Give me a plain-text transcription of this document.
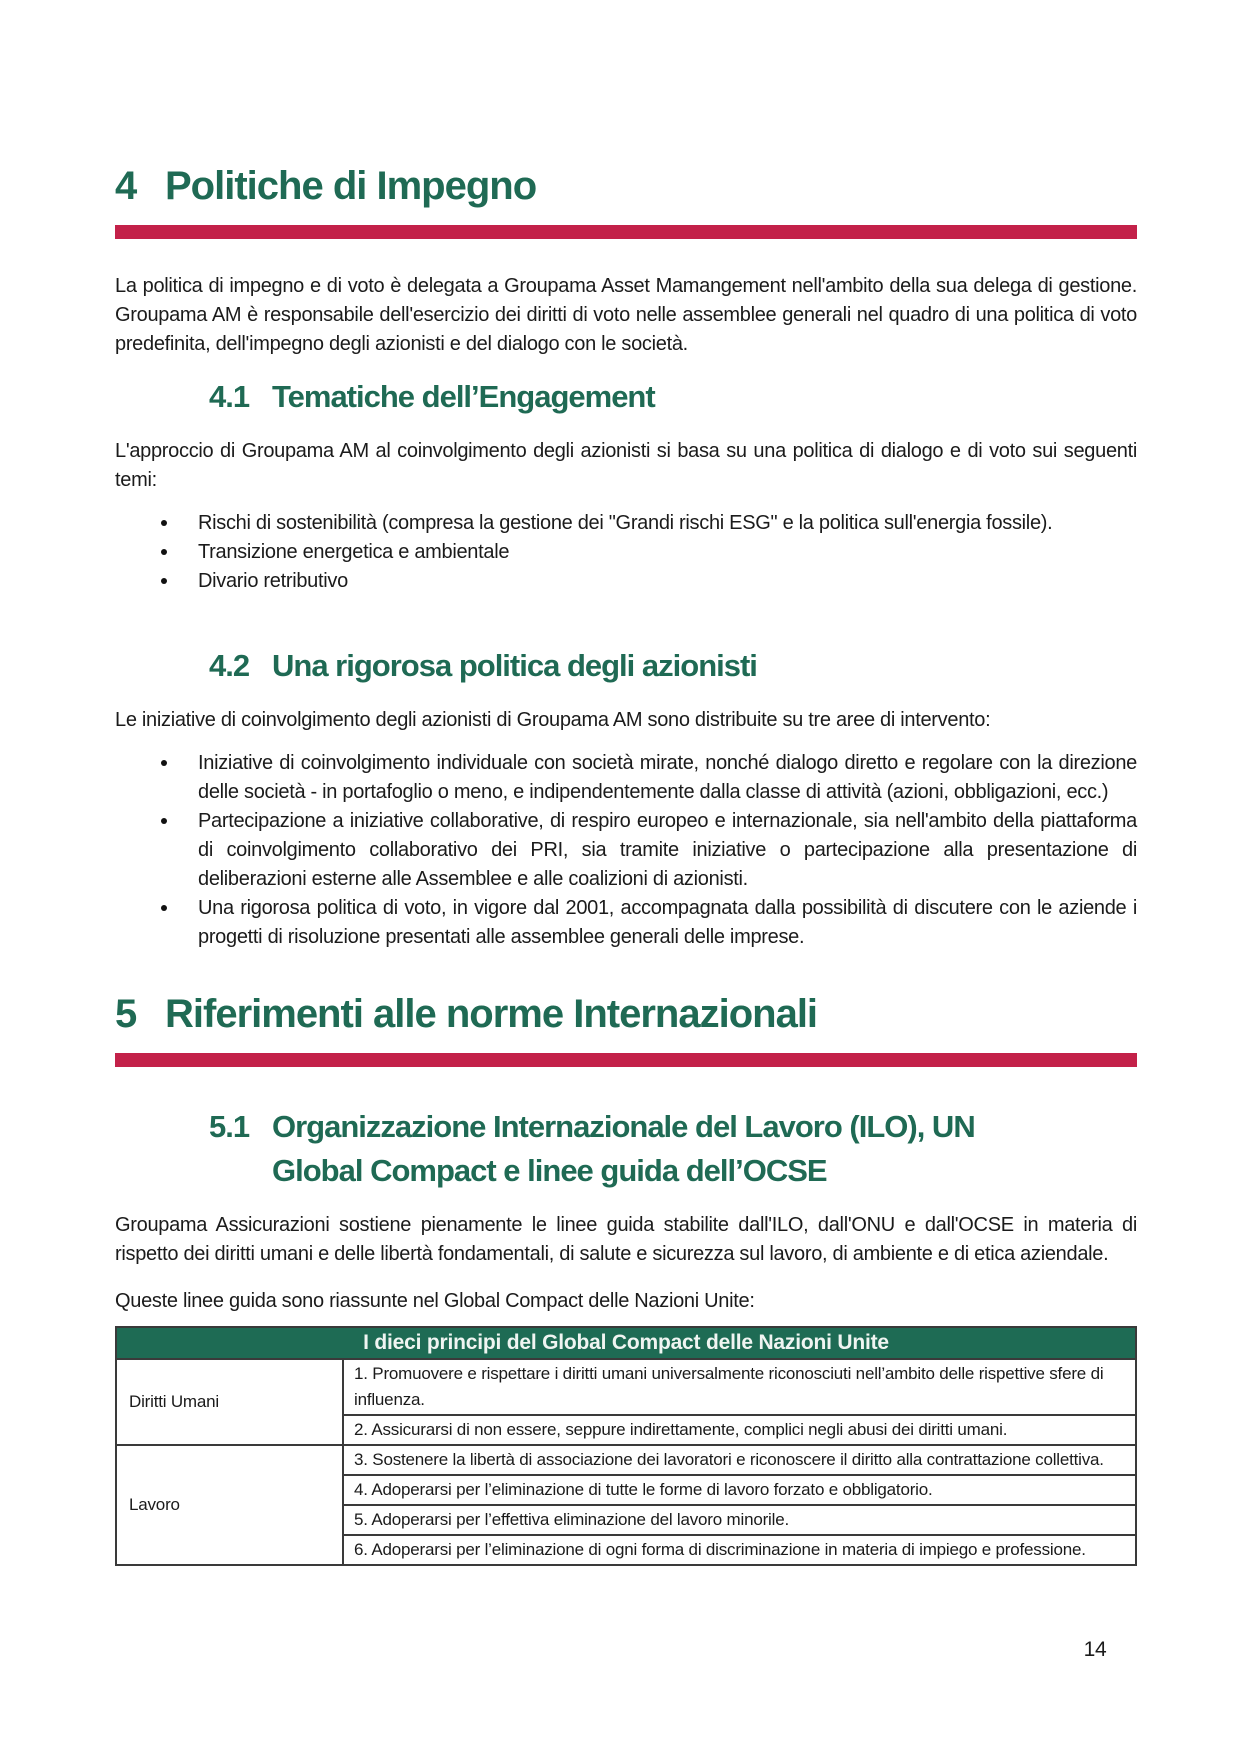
4 Politiche di Impegno

La politica di impegno e di voto è delegata a Groupama Asset Mamangement nell'ambito della sua delega di gestione. Groupama AM è responsabile dell'esercizio dei diritti di voto nelle assemblee generali nel quadro di una politica di voto predefinita, dell'impegno degli azionisti e del dialogo con le società.

4.1 Tematiche dell’Engagement

L'approccio di Groupama AM al coinvolgimento degli azionisti si basa su una politica di dialogo e di voto sui seguenti temi:

Rischi di sostenibilità (compresa la gestione dei "Grandi rischi ESG" e la politica sull'energia fossile).
Transizione energetica e ambientale
Divario retributivo
4.2 Una rigorosa politica degli azionisti

Le iniziative di coinvolgimento degli azionisti di Groupama AM sono distribuite su tre aree di intervento:

Iniziative di coinvolgimento individuale con società mirate, nonché dialogo diretto e regolare con la direzione delle società - in portafoglio o meno, e indipendentemente dalla classe di attività (azioni, obbligazioni, ecc.)
Partecipazione a iniziative collaborative, di respiro europeo e internazionale, sia nell'ambito della piattaforma di coinvolgimento collaborativo dei PRI, sia tramite iniziative o partecipazione alla presentazione di deliberazioni esterne alle Assemblee e alle coalizioni di azionisti.
Una rigorosa politica di voto, in vigore dal 2001, accompagnata dalla possibilità di discutere con le aziende i progetti di risoluzione presentati alle assemblee generali delle imprese.
5 Riferimenti alle norme Internazionali
5.1 Organizzazione Internazionale del Lavoro (ILO), UN
Global Compact e linee guida dell’OCSE

Groupama Assicurazioni sostiene pienamente le linee guida stabilite dall'ILO, dall'ONU e dall'OCSE in materia di rispetto dei diritti umani e delle libertà fondamentali, di salute e sicurezza sul lavoro, di ambiente e di etica aziendale.

Queste linee guida sono riassunte nel Global Compact delle Nazioni Unite:

I dieci principi del Global Compact delle Nazioni Unite	
Diritti Umani	1. Promuovere e rispettare i diritti umani universalmente riconosciuti nell’ambito delle rispettive sfere di influenza.
	2. Assicurarsi di non essere, seppure indirettamente, complici negli abusi dei diritti umani.
Lavoro	3. Sostenere la libertà di associazione dei lavoratori e riconoscere il diritto alla contrattazione collettiva.
	4. Adoperarsi per l’eliminazione di tutte le forme di lavoro forzato e obbligatorio.
	5. Adoperarsi per l’effettiva eliminazione del lavoro minorile.
	6. Adoperarsi per l’eliminazione di ogni forma di discriminazione in materia di impiego e professione.
14
